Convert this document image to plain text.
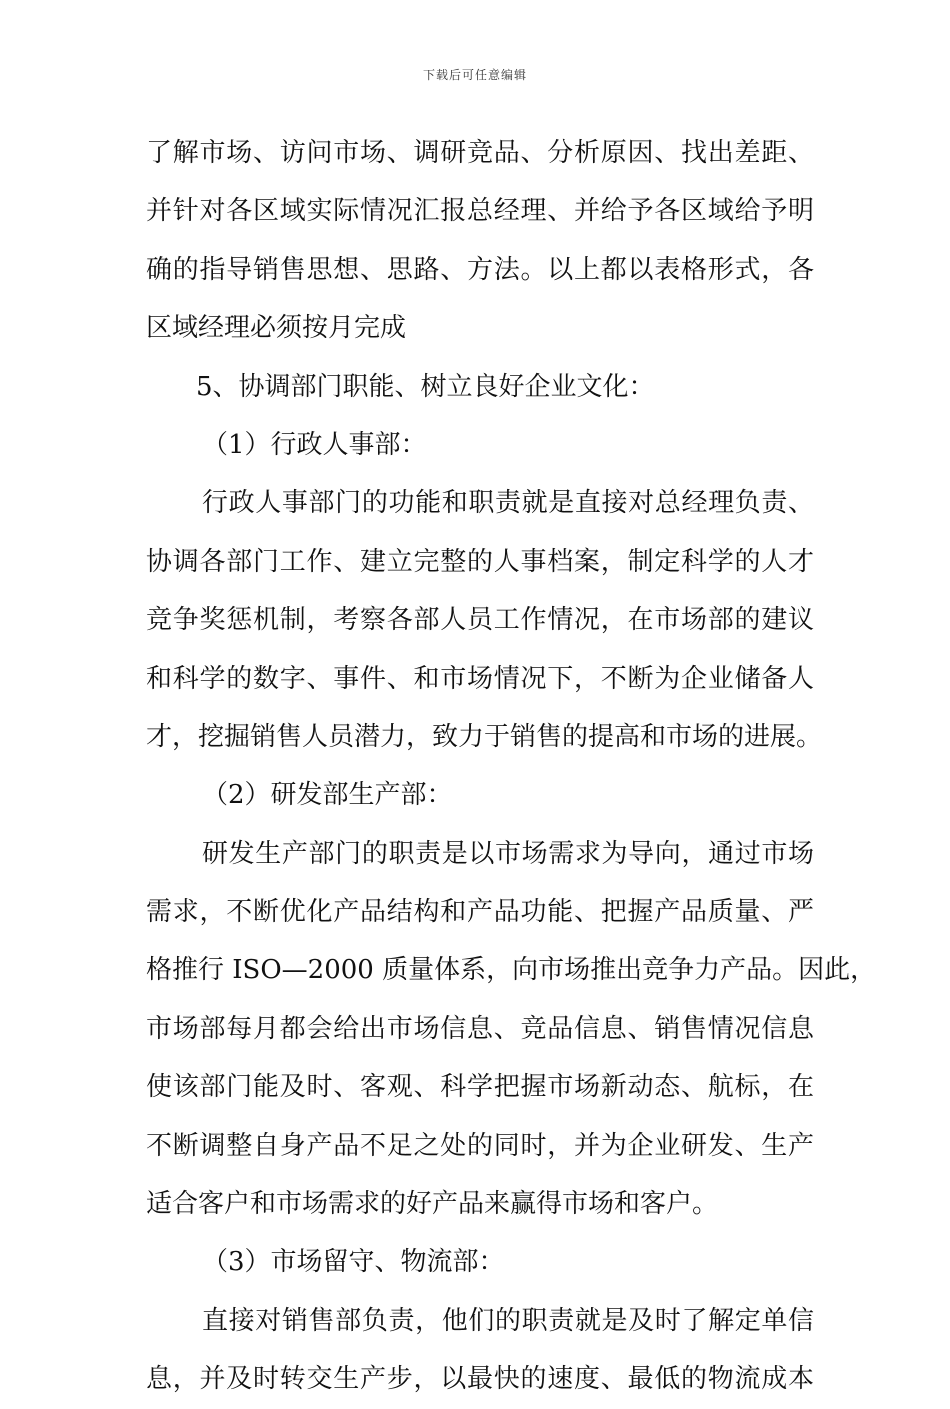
下载后可任意编辑
了解市场、访问市场、调研竞品、分析原因、找出差距、
并针对各区域实际情况汇报总经理、并给予各区域给予明
确的指导销售思想、思路、方法。以上都以表格形式，各
区域经理必须按月完成
5、协调部门职能、树立良好企业文化：
（1）行政人事部：
行政人事部门的功能和职责就是直接对总经理负责、
协调各部门工作、建立完整的人事档案，制定科学的人才
竞争奖惩机制，考察各部人员工作情况，在市场部的建议
和科学的数字、事件、和市场情况下，不断为企业储备人
才，挖掘销售人员潜力，致力于销售的提高和市场的进展。
（2）研发部生产部：
研发生产部门的职责是以市场需求为导向，通过市场
需求，不断优化产品结构和产品功能、把握产品质量、严
格推行 ISO—2000 质量体系，向市场推出竞争力产品。因此，
市场部每月都会给出市场信息、竞品信息、销售情况信息
使该部门能及时、客观、科学把握市场新动态、航标，在
不断调整自身产品不足之处的同时，并为企业研发、生产
适合客户和市场需求的好产品来赢得市场和客户。
（3）市场留守、物流部：
直接对销售部负责，他们的职责就是及时了解定单信
息，并及时转交生产步，以最快的速度、最低的物流成本
